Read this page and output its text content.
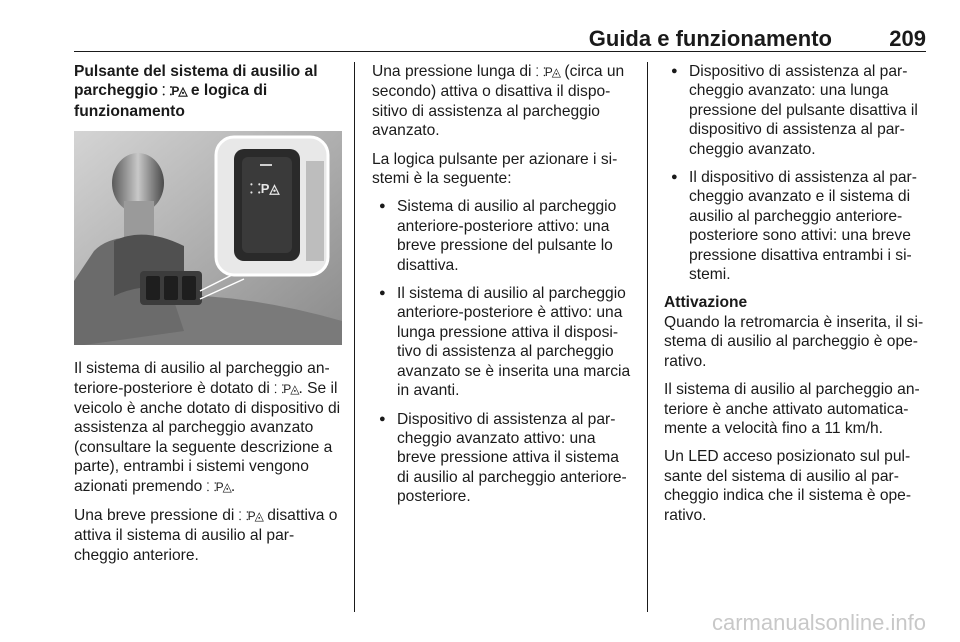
Guida e funzionamento	209
Pulsante del sistema di ausilio al parcheggio ⸬P◬ e logica di funzionamento
⸬P◬

Il sistema di ausilio al parcheggio anteriore-posteriore è dotato di ⸬P◬. Se il veicolo è anche dotato di dispositivo di assistenza al parcheggio avanzato (consultare la seguente descrizione a parte), entrambi i sistemi vengono azionati premendo ⸬P◬.

Una breve pressione di ⸬P◬ disattiva o attiva il sistema di ausilio al parcheggio anteriore.

Una pressione lunga di ⸬P◬ (circa un secondo) attiva o disattiva il dispositivo di assistenza al parcheggio avanzato.

La logica pulsante per azionare i sistemi è la seguente:

● Sistema di ausilio al parcheggio anteriore-posteriore attivo: una breve pressione del pulsante lo disattiva.
● Il sistema di ausilio al parcheggio anteriore-posteriore è attivo: una lunga pressione attiva il dispositivo di assistenza al parcheggio avanzato se è inserita una marcia in avanti.
● Dispositivo di assistenza al parcheggio avanzato attivo: una breve pressione attiva il sistema di ausilio al parcheggio anteriore-posteriore.
● Dispositivo di assistenza al parcheggio avanzato: una lunga pressione del pulsante disattiva il dispositivo di assistenza al parcheggio avanzato.
● Il dispositivo di assistenza al parcheggio avanzato e il sistema di ausilio al parcheggio anteriore-posteriore sono attivi: una breve pressione disattiva entrambi i sistemi.
Attivazione

Quando la retromarcia è inserita, il sistema di ausilio al parcheggio è operativo.

Il sistema di ausilio al parcheggio anteriore è anche attivato automaticamente a velocità fino a 11 km/h.

Un LED acceso posizionato sul pulsante del sistema di ausilio al parcheggio indica che il sistema è operativo.

carmanualsonline.info
